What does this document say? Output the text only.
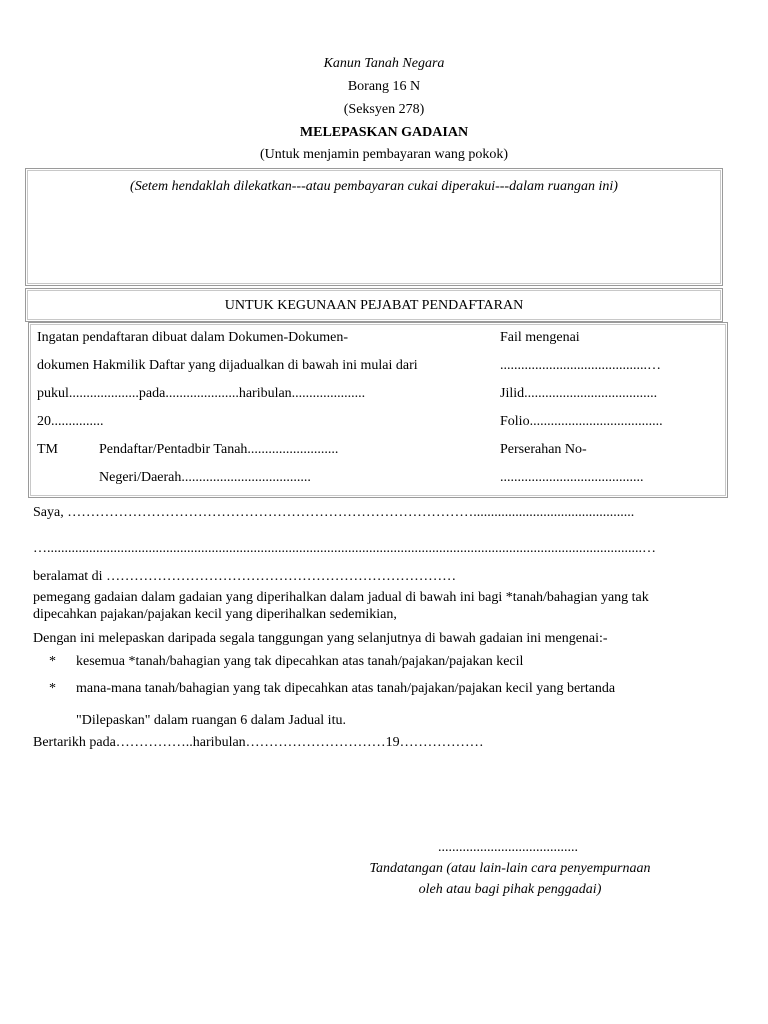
Kanun Tanah Negara
Borang 16 N
(Seksyen 278)
MELEPASKAN GADAIAN
(Untuk menjamin pembayaran wang pokok)
(Setem hendaklah dilekatkan---atau pembayaran cukai diperakui---dalam ruangan ini)
UNTUK KEGUNAAN PEJABAT PENDAFTARAN
Ingatan pendaftaran dibuat dalam Dokumen-Dokumen-
dokumen Hakmilik Daftar yang dijadualkan di bawah ini mulai dari
pukul....................pada.....................haribulan.....................
20...............
TM	Pendaftar/Pentadbir Tanah..........................
Negeri/Daerah.....................................
Fail mengenai
..........................................…
Jilid......................................
Folio......................................
Perserahan No-
.........................................
Saya, ……………………………………………………………………………..............................................
…..........................................................................................................................................................................…
beralamat di …………………………………………………………………
pemegang gadaian dalam gadaian yang diperihalkan dalam jadual di bawah ini bagi *tanah/bahagian yang tak
dipecahkan pajakan/pajakan kecil yang diperihalkan sedemikian,
Dengan ini melepaskan daripada segala tanggungan yang selanjutnya di bawah gadaian ini mengenai:-
* kesemua *tanah/bahagian yang tak dipecahkan atas tanah/pajakan/pajakan kecil
* mana-mana tanah/bahagian yang tak dipecahkan atas tanah/pajakan/pajakan kecil yang bertanda
"Dilepaskan" dalam ruangan 6 dalam Jadual itu.
Bertarikh pada……………..haribulan…………………………19………………
........................................
Tandatangan (atau lain-lain cara penyempurnaan
oleh atau bagi pihak penggadai)
